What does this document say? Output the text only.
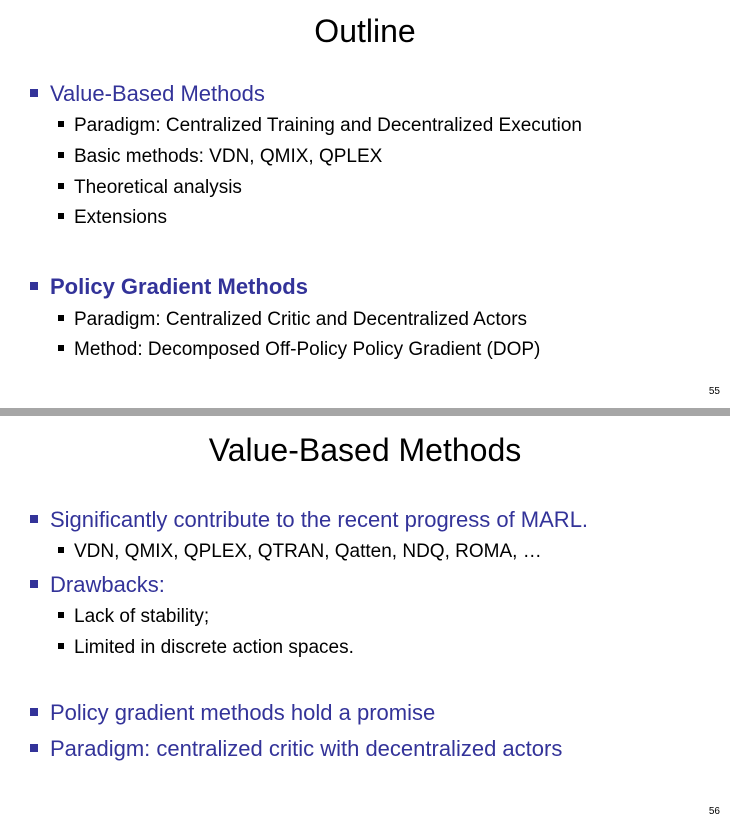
Outline
Value-Based Methods
Paradigm: Centralized Training and Decentralized Execution
Basic methods: VDN, QMIX, QPLEX
Theoretical analysis
Extensions
Policy Gradient Methods
Paradigm: Centralized Critic and Decentralized Actors
Method: Decomposed Off-Policy Policy Gradient (DOP)
55
Value-Based Methods
Significantly contribute to the recent progress of MARL.
VDN, QMIX, QPLEX, QTRAN, Qatten, NDQ, ROMA, …
Drawbacks:
Lack of stability;
Limited in discrete action spaces.
Policy gradient methods hold a promise
Paradigm: centralized critic with decentralized actors
56
